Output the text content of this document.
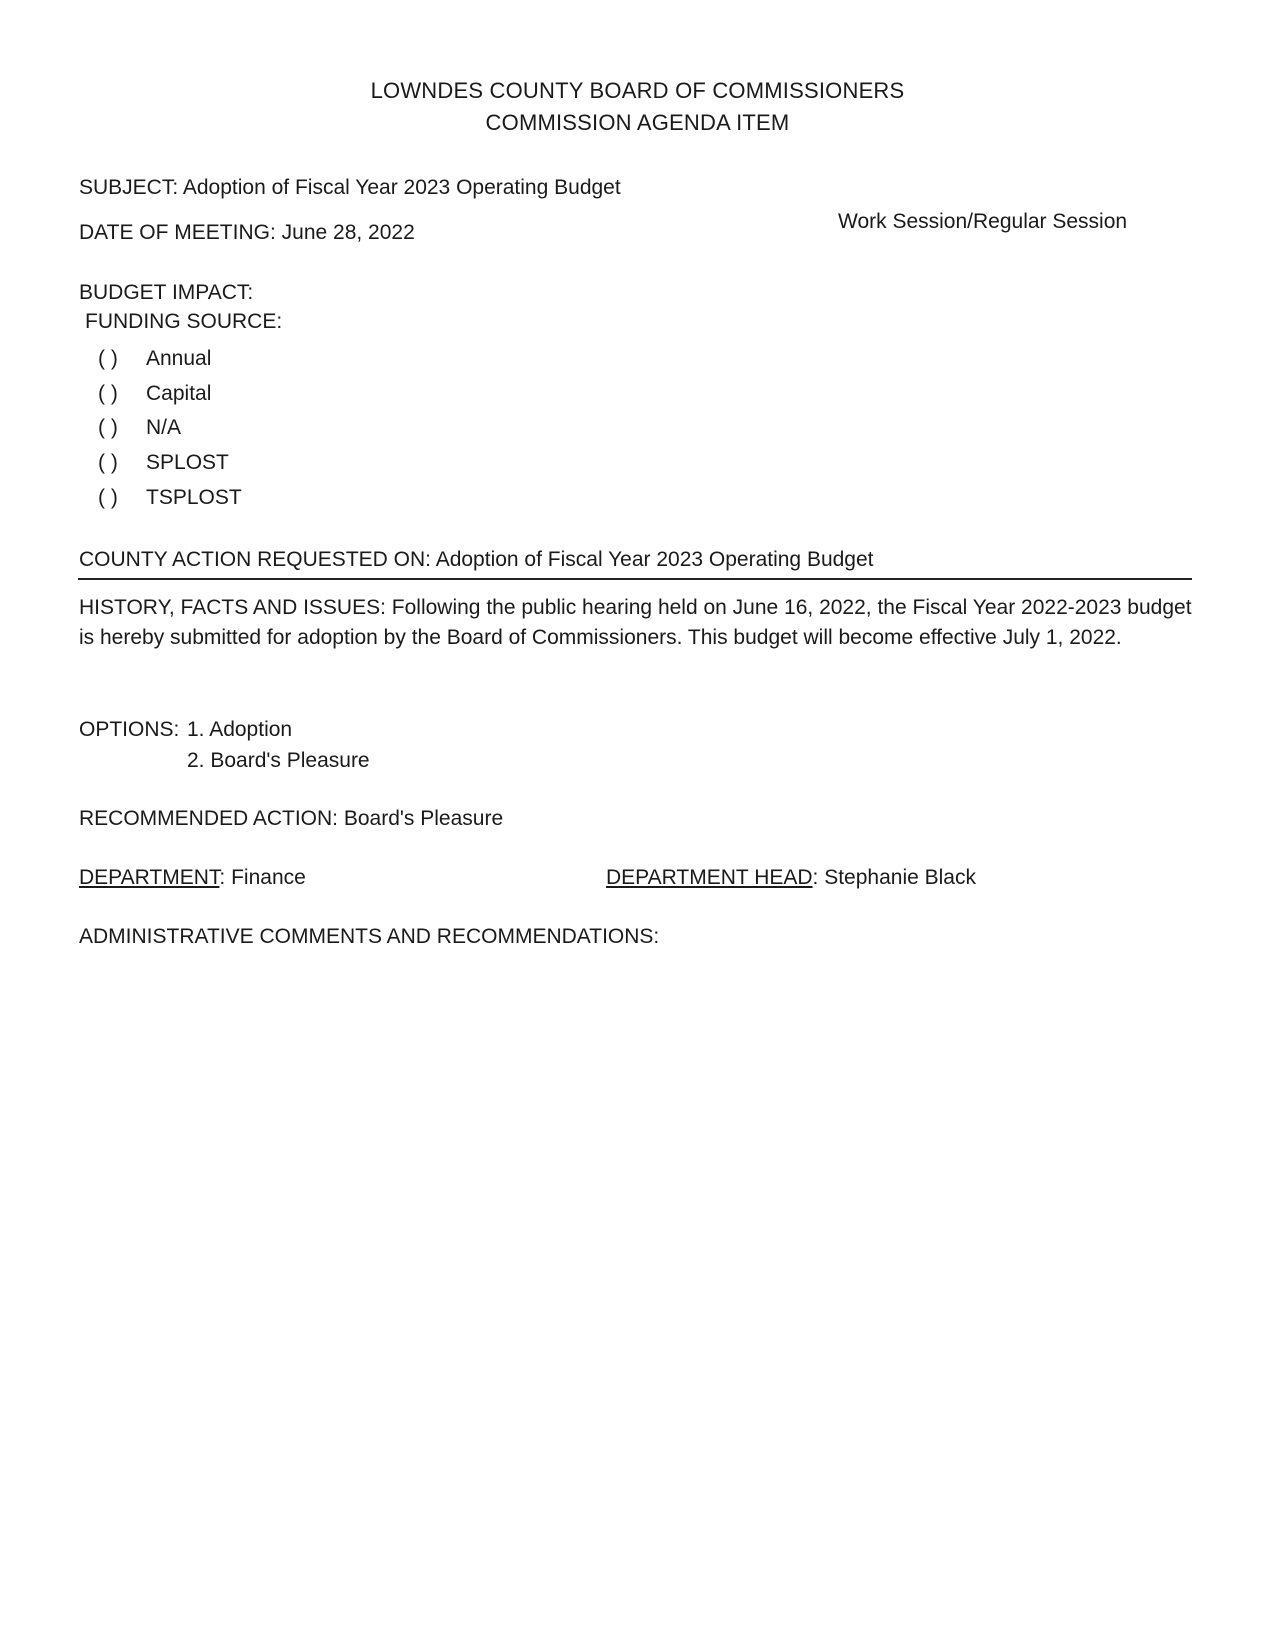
LOWNDES COUNTY BOARD OF COMMISSIONERS
COMMISSION AGENDA ITEM
SUBJECT: Adoption of Fiscal Year 2023 Operating Budget
DATE OF MEETING: June 28, 2022	Work Session/Regular Session
BUDGET IMPACT:
FUNDING SOURCE:
( ) Annual
( ) Capital
( ) N/A
( ) SPLOST
( ) TSPLOST
COUNTY ACTION REQUESTED ON: Adoption of Fiscal Year 2023 Operating Budget
HISTORY, FACTS AND ISSUES: Following the public hearing held on June 16, 2022, the Fiscal Year 2022-2023 budget is hereby submitted for adoption by the Board of Commissioners. This budget will become effective July 1, 2022.
OPTIONS: 1. Adoption
2. Board's Pleasure
RECOMMENDED ACTION: Board's Pleasure
DEPARTMENT: Finance	DEPARTMENT HEAD: Stephanie Black
ADMINISTRATIVE COMMENTS AND RECOMMENDATIONS:
